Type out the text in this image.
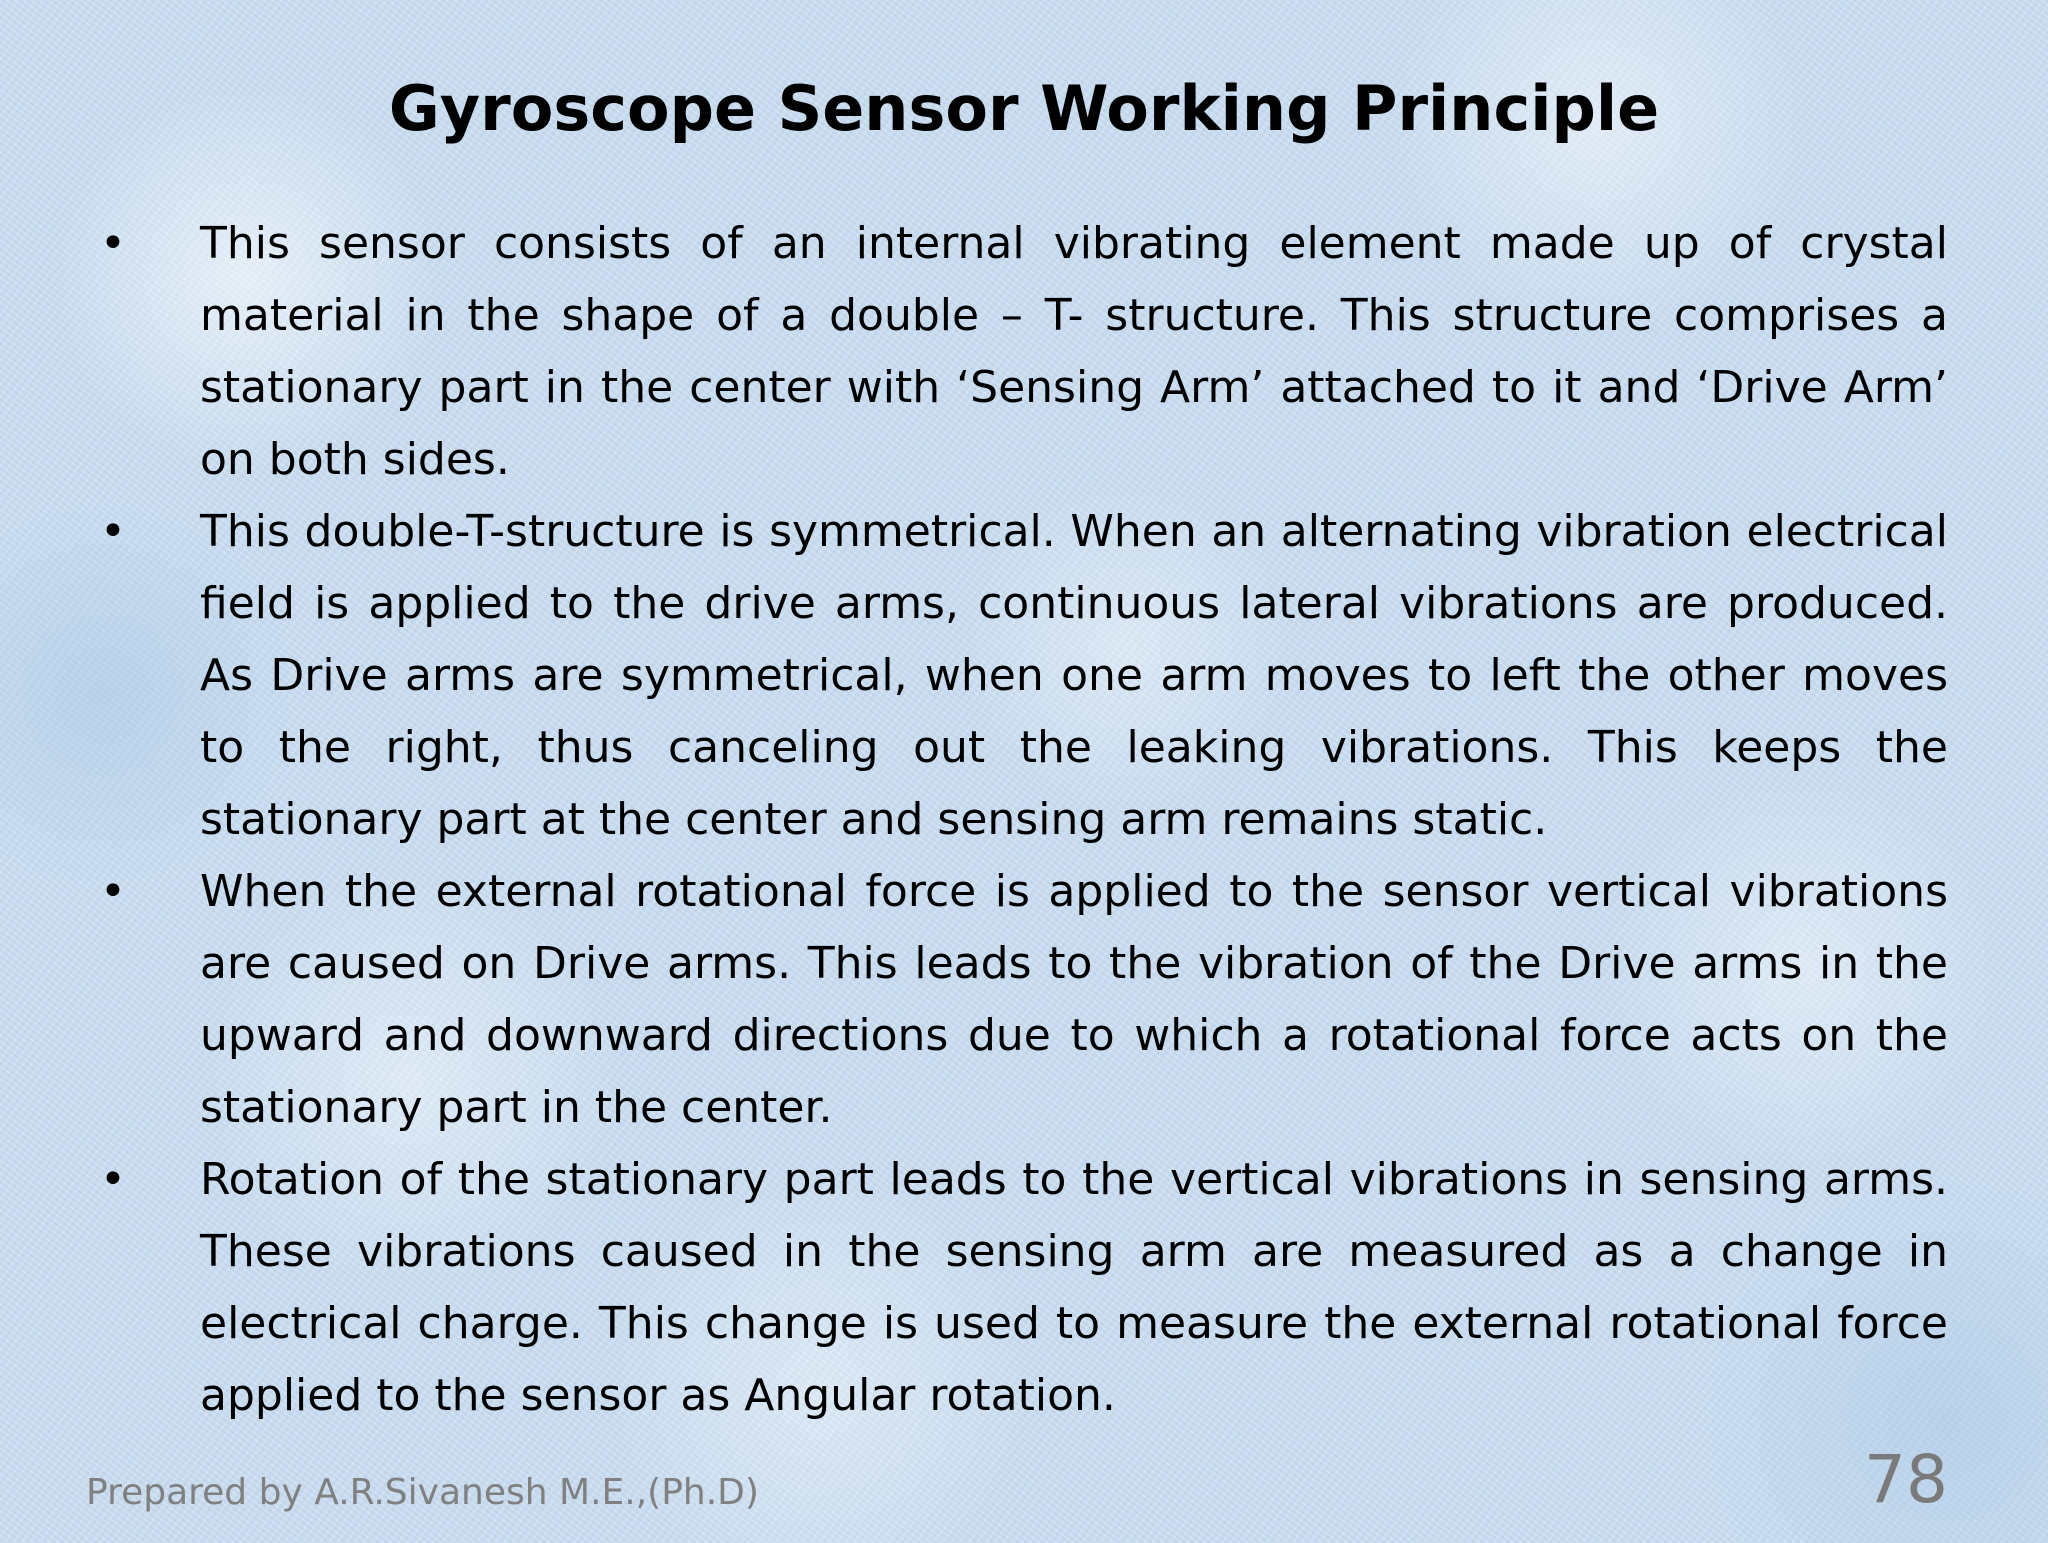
Gyroscope Sensor Working Principle
• This sensor consists of an internal vibrating element made up of crystal material in the shape of a double – T- structure. This structure comprises a stationary part in the center with ‘Sensing Arm’ attached to it and ‘Drive Arm’ on both sides.
• This double-T-structure is symmetrical. When an alternating vibration electrical field is applied to the drive arms, continuous lateral vibrations are produced. As Drive arms are symmetrical, when one arm moves to left the other moves to the right, thus canceling out the leaking vibrations. This keeps the stationary part at the center and sensing arm remains static.
• When the external rotational force is applied to the sensor vertical vibrations are caused on Drive arms. This leads to the vibration of the Drive arms in the upward and downward directions due to which a rotational force acts on the stationary part in the center.
• Rotation of the stationary part leads to the vertical vibrations in sensing arms. These vibrations caused in the sensing arm are measured as a change in electrical charge. This change is used to measure the external rotational force applied to the sensor as Angular rotation.
Prepared by A.R.Sivanesh M.E.,(Ph.D)	78
